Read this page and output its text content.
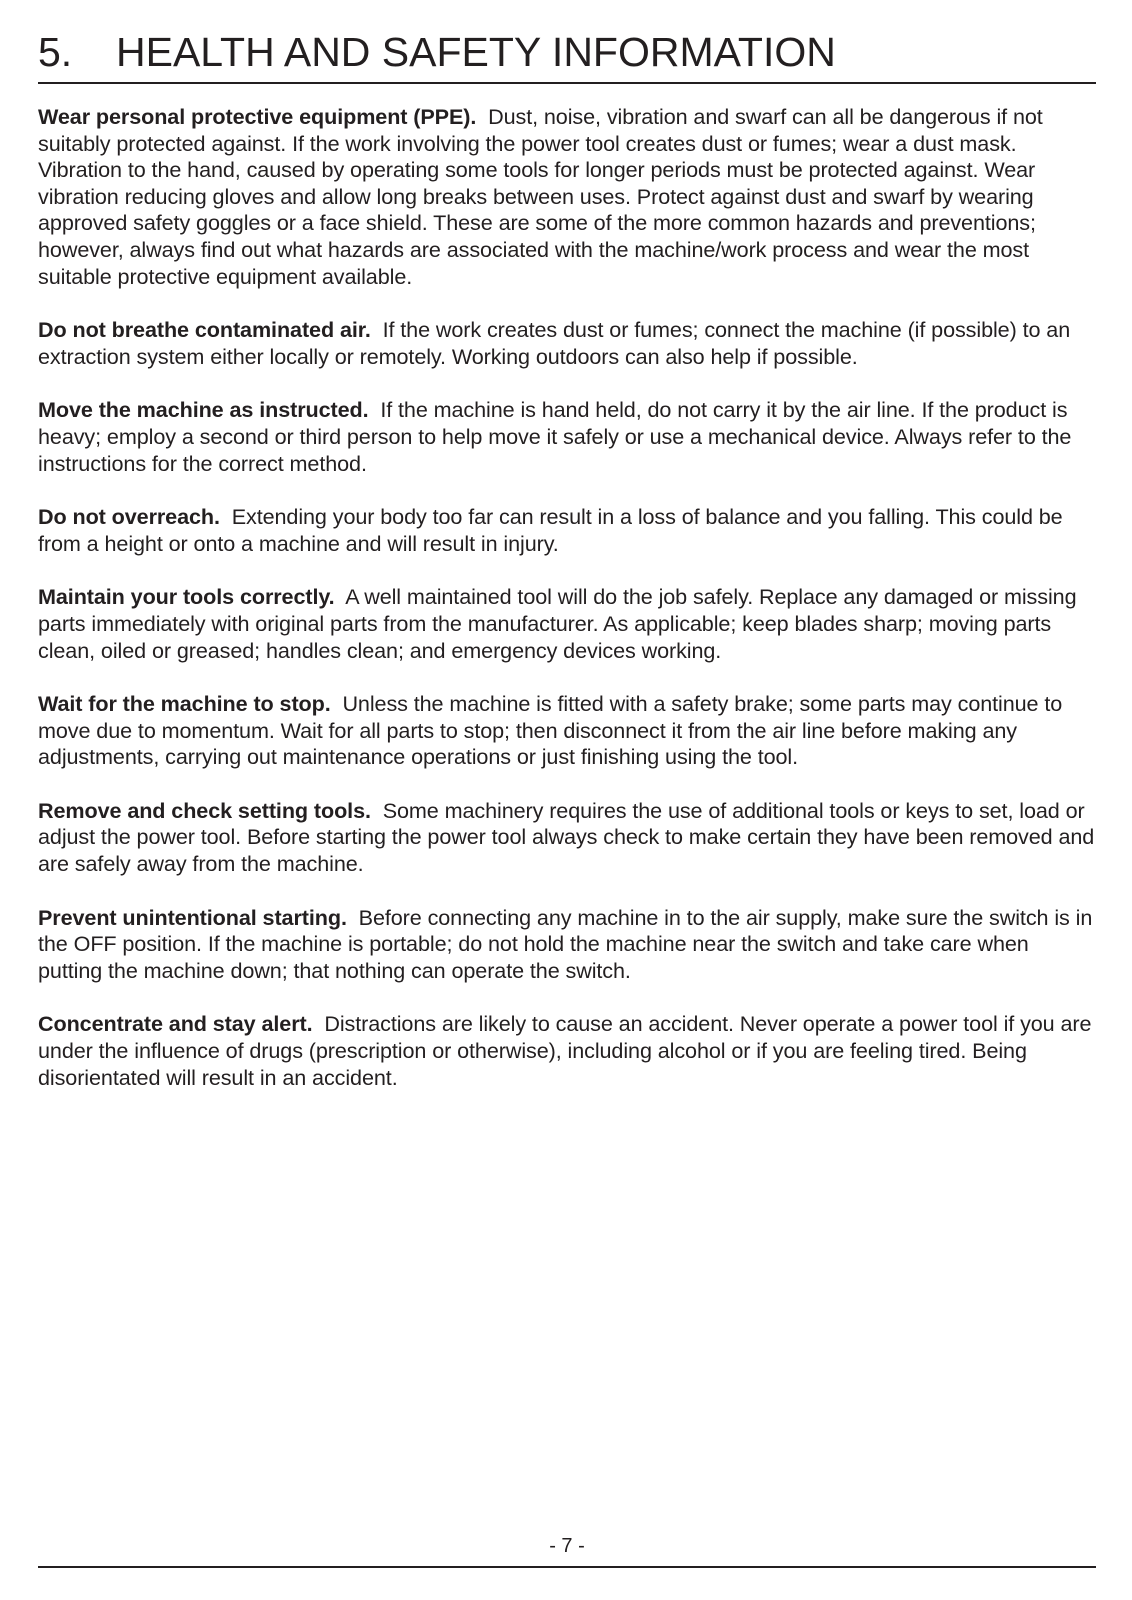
5. HEALTH AND SAFETY INFORMATION

Wear personal protective equipment (PPE). Dust, noise, vibration and swarf can all be dangerous if not suitably protected against. If the work involving the power tool creates dust or fumes; wear a dust mask. Vibration to the hand, caused by operating some tools for longer periods must be protected against. Wear vibration reducing gloves and allow long breaks between uses. Protect against dust and swarf by wearing approved safety goggles or a face shield. These are some of the more common hazards and preventions; however, always find out what hazards are associated with the machine/work process and wear the most suitable protective equipment available.

Do not breathe contaminated air. If the work creates dust or fumes; connect the machine (if possible) to an extraction system either locally or remotely. Working outdoors can also help if possible.

Move the machine as instructed. If the machine is hand held, do not carry it by the air line. If the product is heavy; employ a second or third person to help move it safely or use a mechanical device. Always refer to the instructions for the correct method.

Do not overreach. Extending your body too far can result in a loss of balance and you falling. This could be from a height or onto a machine and will result in injury.

Maintain your tools correctly. A well maintained tool will do the job safely. Replace any damaged or missing parts immediately with original parts from the manufacturer. As applicable; keep blades sharp; moving parts clean, oiled or greased; handles clean; and emergency devices working.

Wait for the machine to stop. Unless the machine is fitted with a safety brake; some parts may continue to move due to momentum. Wait for all parts to stop; then disconnect it from the air line before making any adjustments, carrying out maintenance operations or just finishing using the tool.

Remove and check setting tools. Some machinery requires the use of additional tools or keys to set, load or adjust the power tool. Before starting the power tool always check to make certain they have been removed and are safely away from the machine.

Prevent unintentional starting. Before connecting any machine in to the air supply, make sure the switch is in the OFF position. If the machine is portable; do not hold the machine near the switch and take care when putting the machine down; that nothing can operate the switch.

Concentrate and stay alert. Distractions are likely to cause an accident. Never operate a power tool if you are under the influence of drugs (prescription or otherwise), including alcohol or if you are feeling tired. Being disorientated will result in an accident.

- 7 -
